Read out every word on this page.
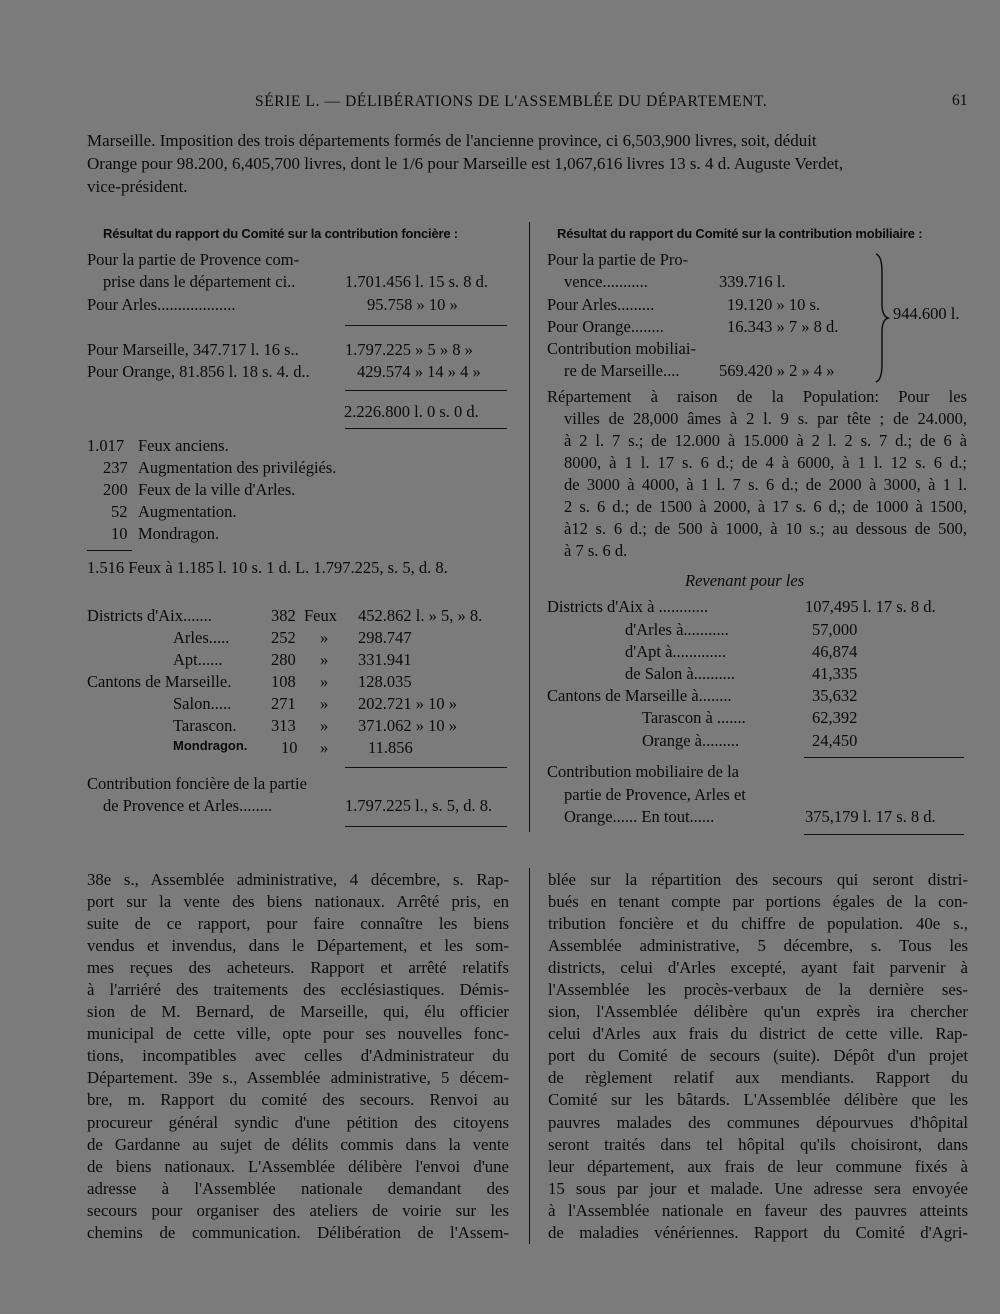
SÉRIE L. — DÉLIBÉRATIONS DE L'ASSEMBLÉE DU DÉPARTEMENT.	61

Marseille. Imposition des trois départements formés de l'ancienne province, ci 6,503,900 livres, soit, déduit

Orange pour 98.200, 6,405,700 livres, dont le 1/6 pour Marseille est 1,067,616 livres 13 s. 4 d. Auguste Verdet,

vice-président.

Résultat du rapport du Comité sur la contribution foncière :
Pour la partie de Provence com-
prise dans le département ci..	1.701.456 l. 15 s. 8 d.
Pour Arles...................	95.758 » 10 »
Pour Marseille, 347.717 l. 16 s..	1.797.225 » 5 » 8 »
Pour Orange, 81.856 l. 18 s. 4. d..	429.574 » 14 » 4 »
2.226.800 l. 0 s. 0 d.
1.017 Feux anciens.
237 Augmentation des privilégiés.
200 Feux de la ville d'Arles.
52 Augmentation.
10 Mondragon.
1.516 Feux à 1.185 l. 10 s. 1 d. L. 1.797.225, s. 5, d. 8.
Districts d'Aix.......	382 Feux 452.862 l. » 5, » 8.
Arles.....	252 » 298.747
Apt......	280 » 331.941
Cantons de Marseille. 108 » 128.035
Salon..... 271 » 202.721 » 10 »
Tarascon. 313 » 371.062 » 10 »
Mondragon. 10 » 11.856
Contribution foncière de la partie
de Provence et Arles........	1.797.225 l., s. 5, d. 8.
Résultat du rapport du Comité sur la contribution mobiliaire :
Pour la partie de Pro-
vence...........	339.716 l.
Pour Arles.........	19.120 » 10 s.
Pour Orange........	16.343 » 7 » 8 d.
Contribution mobiliai-
re de Marseille.... 569.420 » 2 » 4 »
944.600 l.
Répartement à raison de la Population: Pour les
villes de 28,000 âmes à 2 l. 9 s. par tête ; de 24.000,
à 2 l. 7 s.; de 12.000 à 15.000 à 2 l. 2 s. 7 d.; de 6 à
8000, à 1 l. 17 s. 6 d.; de 4 à 6000, à 1 l. 12 s. 6 d.;
de 3000 à 4000, à 1 l. 7 s. 6 d.; de 2000 à 3000, à 1 l.
2 s. 6 d.; de 1500 à 2000, à 17 s. 6 d,; de 1000 à 1500,
à12 s. 6 d.; de 500 à 1000, à 10 s.; au dessous de 500,
à 7 s. 6 d.
Revenant pour les
Districts d'Aix à ............	107,495 l. 17 s. 8 d.
d'Arles à...........	57,000
d'Apt à.............	46,874
de Salon à..........	41,335
Cantons de Marseille à........	35,632
Tarascon à .......	62,392
Orange à.........	24,450
Contribution mobiliaire de la
partie de Provence, Arles et
Orange...... En tout......	375,179 l. 17 s. 8 d.
38e s., Assemblée administrative, 4 décembre, s. Rap-
port sur la vente des biens nationaux. Arrêté pris, en
suite de ce rapport, pour faire connaître les biens
vendus et invendus, dans le Département, et les som-
mes reçues des acheteurs. Rapport et arrêté relatifs
à l'arriéré des traitements des ecclésiastiques. Démis-
sion de M. Bernard, de Marseille, qui, élu officier
municipal de cette ville, opte pour ses nouvelles fonc-
tions, incompatibles avec celles d'Administrateur du
Département. 39e s., Assemblée administrative, 5 décem-
bre, m. Rapport du comité des secours. Renvoi au
procureur général syndic d'une pétition des citoyens
de Gardanne au sujet de délits commis dans la vente
de biens nationaux. L'Assemblée délibère l'envoi d'une
adresse à l'Assemblée nationale demandant des
secours pour organiser des ateliers de voirie sur les
chemins de communication. Délibération de l'Assem-
blée sur la répartition des secours qui seront distri-
bués en tenant compte par portions égales de la con-
tribution foncière et du chiffre de population. 40e s.,
Assemblée administrative, 5 décembre, s. Tous les
districts, celui d'Arles excepté, ayant fait parvenir à
l'Assemblée les procès-verbaux de la dernière ses-
sion, l'Assemblée délibère qu'un exprès ira chercher
celui d'Arles aux frais du district de cette ville. Rap-
port du Comité de secours (suite). Dépôt d'un projet
de règlement relatif aux mendiants. Rapport du
Comité sur les bâtards. L'Assemblée délibère que les
pauvres malades des communes dépourvues d'hôpital
seront traités dans tel hôpital qu'ils choisiront, dans
leur département, aux frais de leur commune fixés à
15 sous par jour et malade. Une adresse sera envoyée
à l'Assemblée nationale en faveur des pauvres atteints
de maladies vénériennes. Rapport du Comité d'Agri-
